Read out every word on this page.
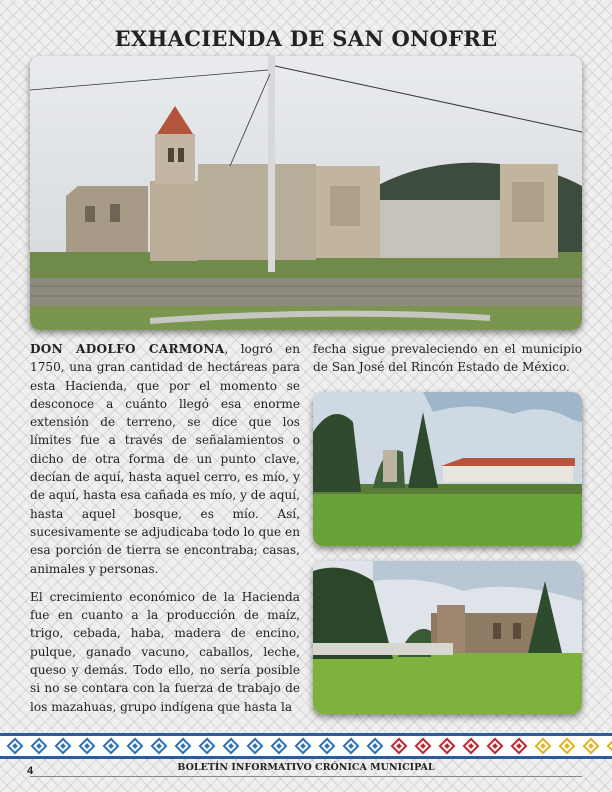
EXHACIENDA DE SAN ONOFRE

DON ADOLFO CARMONA, logró en 1750, una gran cantidad de hectáreas para esta Hacienda, que por el momento se desconoce a cuánto llegó esa enorme extensión de terreno, se dice que los límites fue a través de señalamientos o dicho de otra forma de un punto clave, decían de aquí, hasta aquel cerro, es mío, y de aquí, hasta esa cañada es mío, y de aquí, hasta aquel bosque, es mío. Así, sucesivamente se adjudicaba todo lo que en esa porción de tierra se encontraba; casas, animales y personas.

El crecimiento económico de la Hacienda fue en cuanto a la producción de maíz, trigo, cebada, haba, madera de encino, pulque, ganado vacuno, caballos, leche, queso y demás. Todo ello, no sería posible si no se contara con la fuerza de trabajo de los mazahuas, grupo indígena que hasta la

fecha sigue prevaleciendo en el municipio de San José del Rincón Estado de México.

4	BOLETÍN INFORMATIVO CRÓNICA MUNICIPAL
